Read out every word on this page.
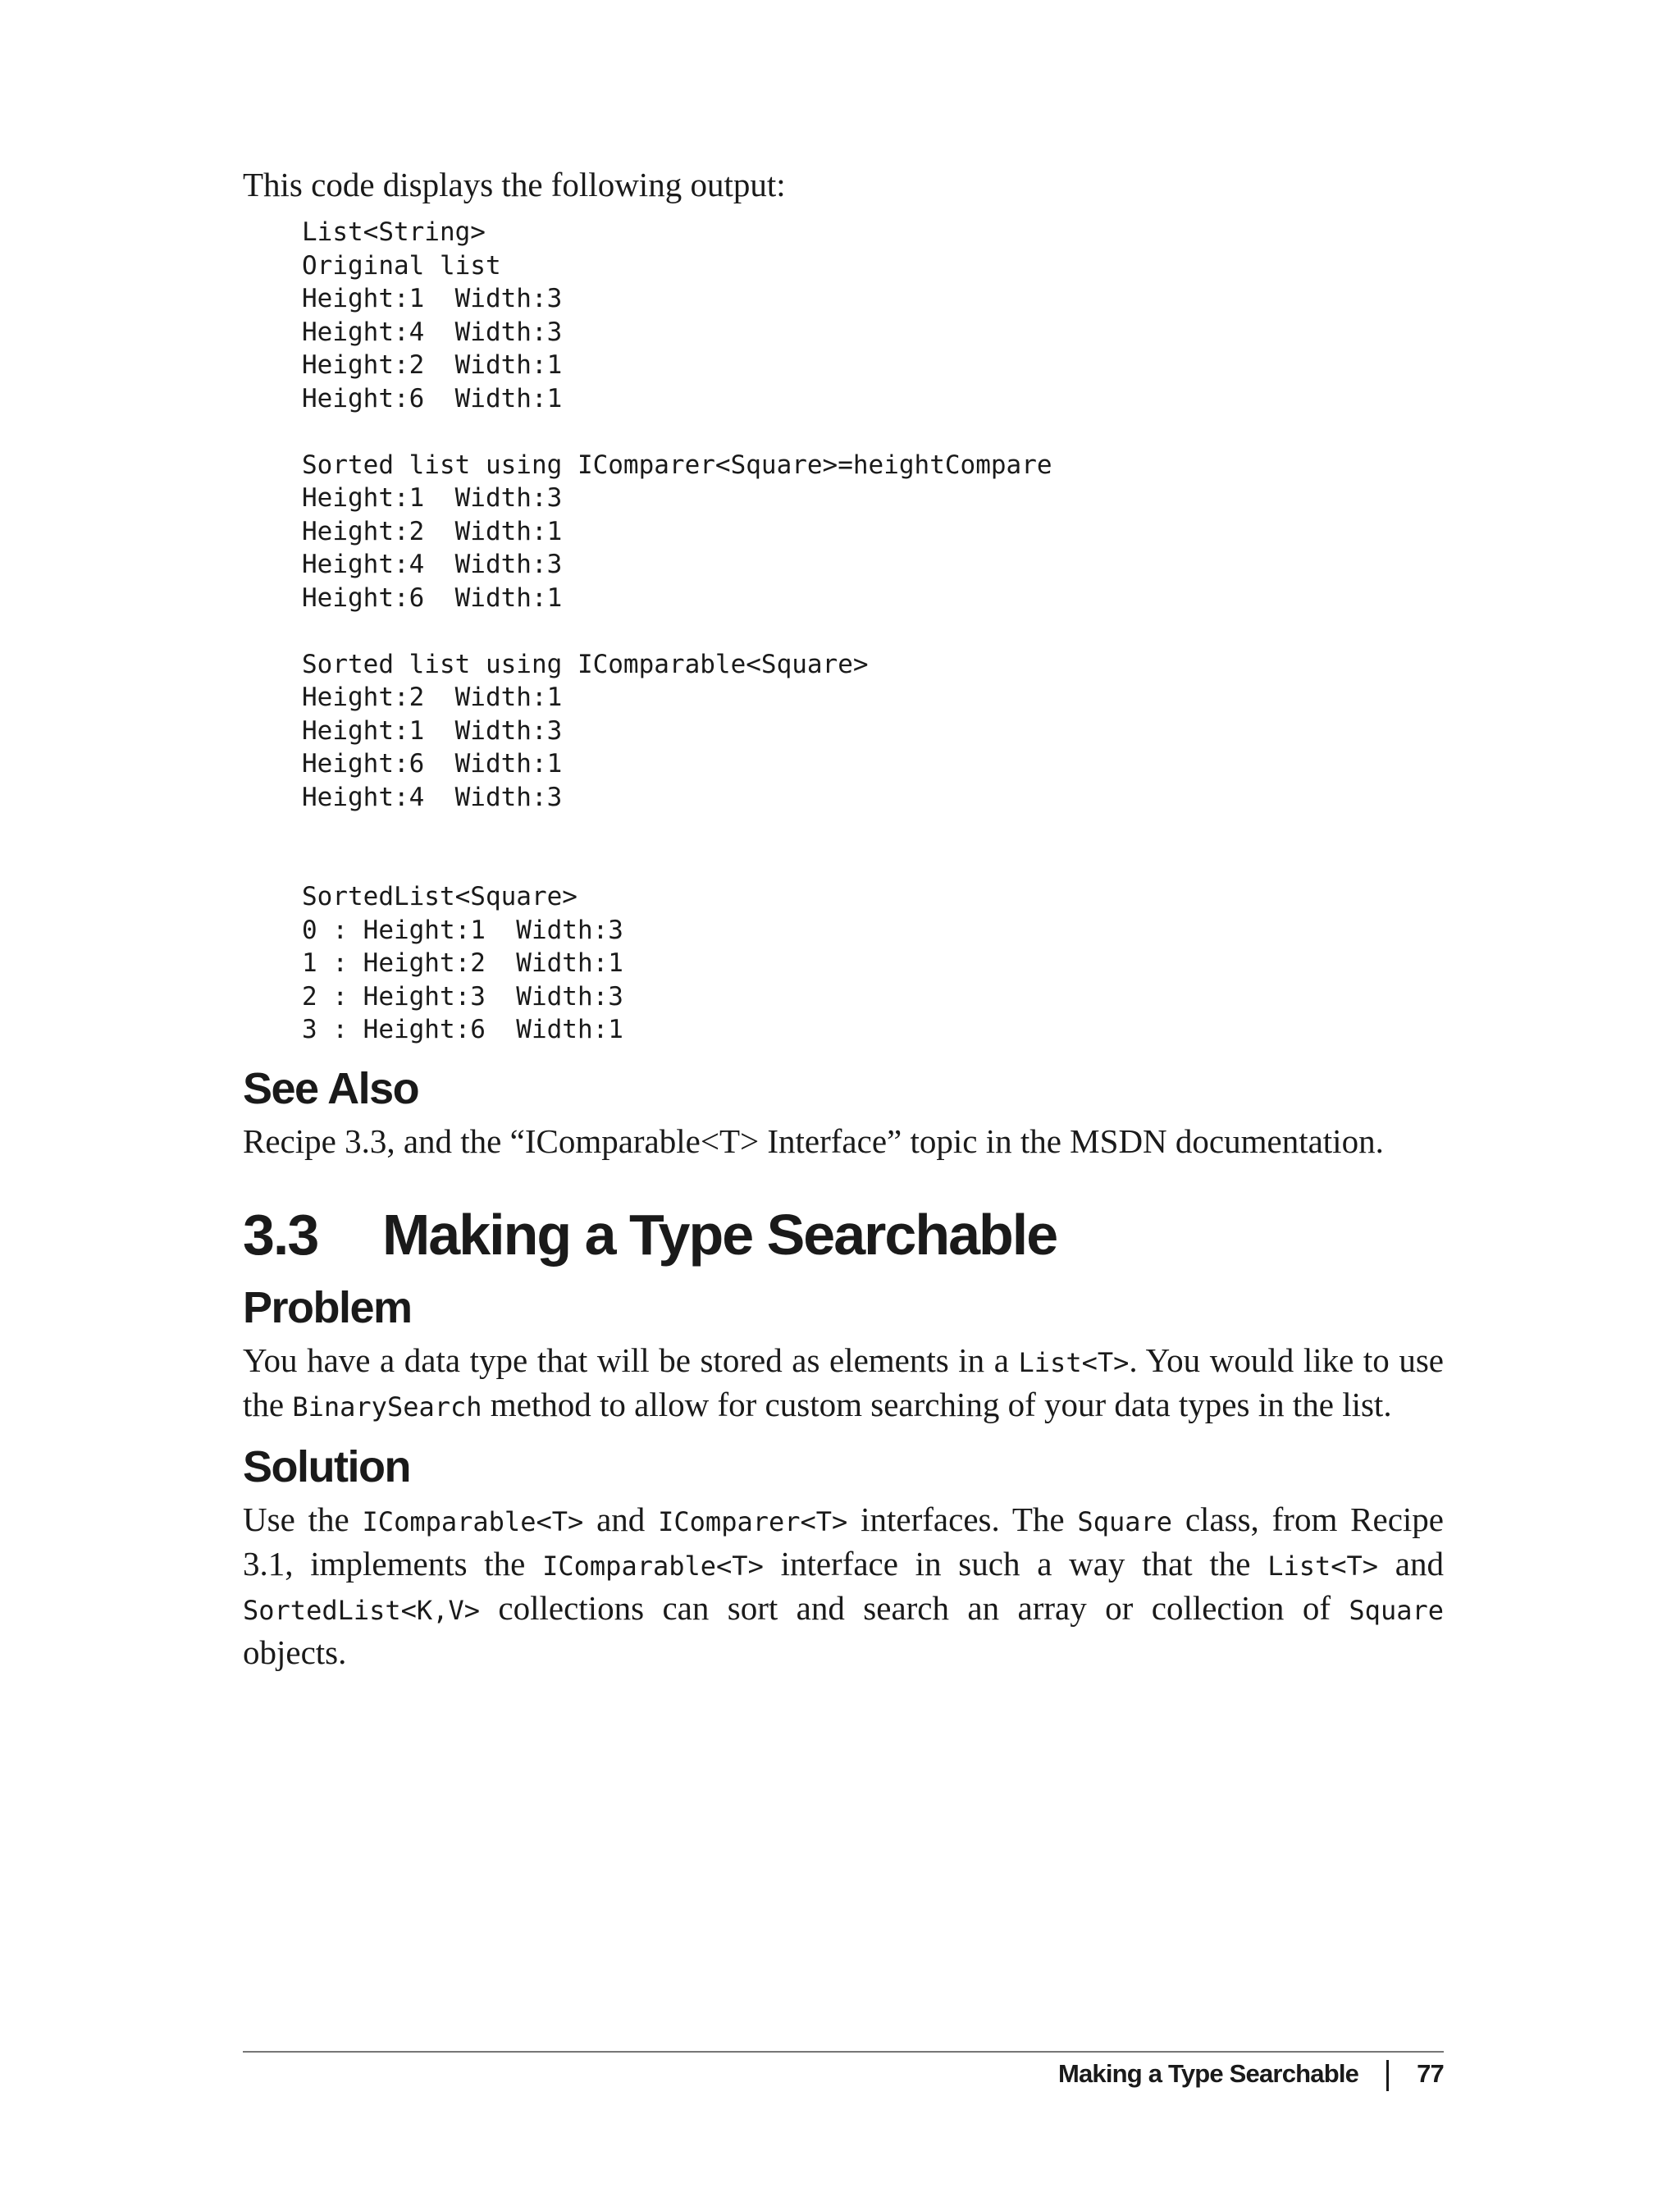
This code displays the following output:

List<String>
Original list
Height:1  Width:3
Height:4  Width:3
Height:2  Width:1
Height:6  Width:1
Sorted list using IComparer<Square>=heightCompare
Height:1  Width:3
Height:2  Width:1
Height:4  Width:3
Height:6  Width:1
Sorted list using IComparable<Square>
Height:2  Width:1
Height:1  Width:3
Height:6  Width:1
Height:4  Width:3
SortedList<Square>
0 : Height:1  Width:3
1 : Height:2  Width:1
2 : Height:3  Width:3
3 : Height:6  Width:1
See Also

Recipe 3.3, and the “IComparable<T> Interface” topic in the MSDN documentation.

3.3 Making a Type Searchable
Problem

You have a data type that will be stored as elements in a List<T>. You would like to use the BinarySearch method to allow for custom searching of your data types in the list.

Solution

Use the IComparable<T> and IComparer<T> interfaces. The Square class, from Recipe 3.1, implements the IComparable<T> interface in such a way that the List<T> and SortedList<K,V> collections can sort and search an array or collection of Square objects.

Making a Type Searchable 77
